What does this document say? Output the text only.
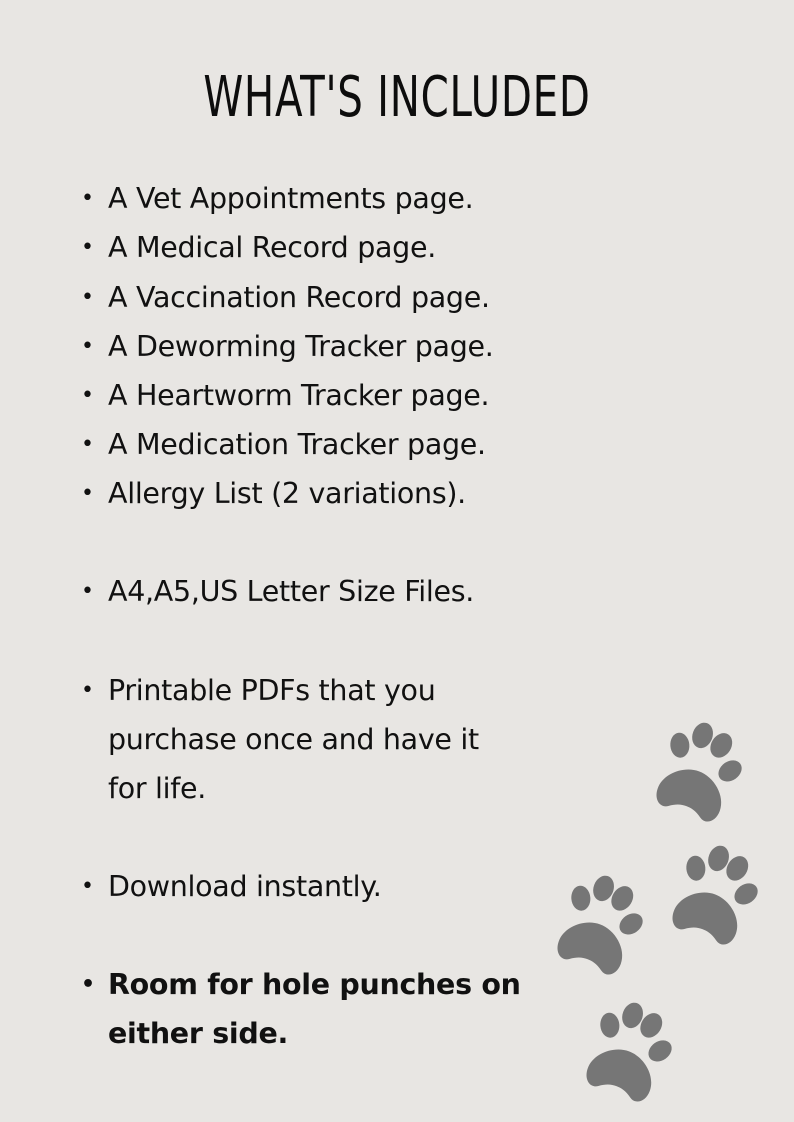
WHAT'S INCLUDED
• A Vet Appointments page.
• A Medical Record page.
• A Vaccination Record page.
• A Deworming Tracker page.
• A Heartworm Tracker page.
• A Medication Tracker page.
• Allergy List (2 variations).
• A4,A5,US Letter Size Files.
• Printable PDFs that you
purchase once and have it
for life.
• Download instantly.
• Room for hole punches on
either side.
